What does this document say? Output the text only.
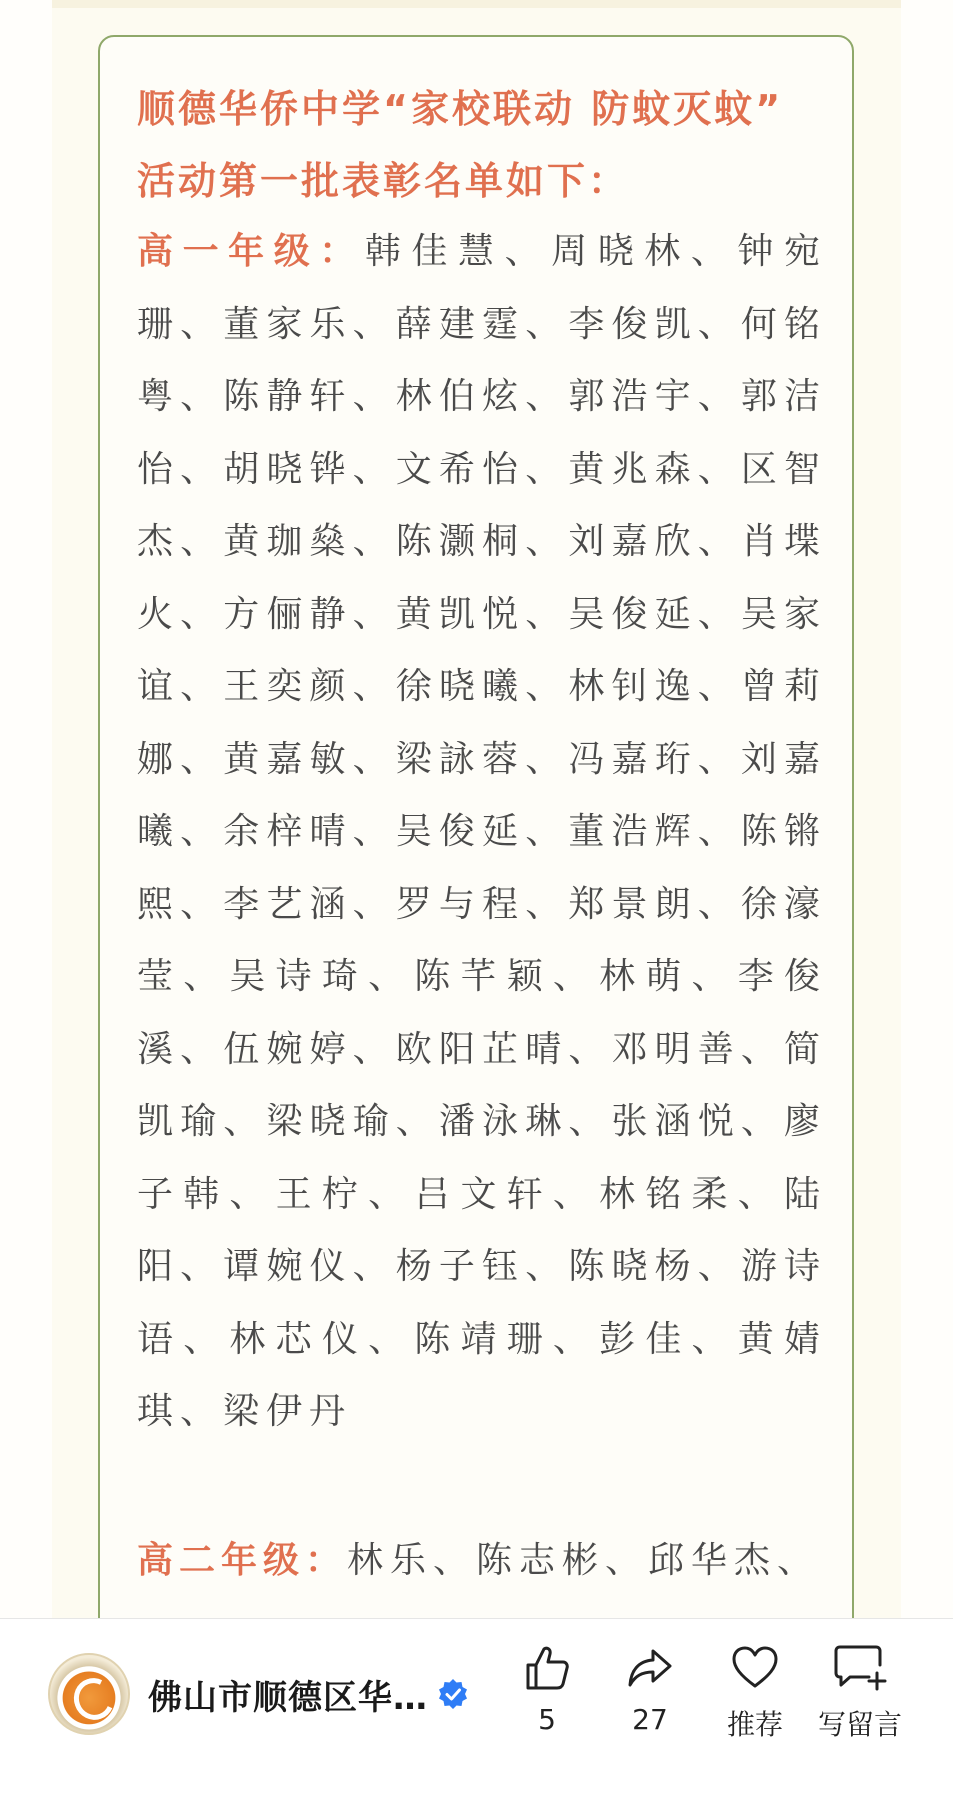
顺德华侨中学“家校联动 防蚊灭蚊”

活动第一批表彰名单如下：

高一年级：韩佳慧、周晓林、钟宛珊、董家乐、薛建霆、李俊凯、何铭粤、陈静轩、林伯炫、郭浩宇、郭洁怡、胡晓铧、文希怡、黄兆森、区智杰、黄珈燊、陈灏桐、刘嘉欣、肖堞火、方俪静、黄凯悦、吴俊延、吴家谊、王奕颜、徐晓曦、林钊逸、曾莉娜、黄嘉敏、梁詠蓉、冯嘉珩、刘嘉曦、余梓晴、吴俊延、董浩辉、陈锵熙、李艺涵、罗与程、郑景朗、徐濠莹、吴诗琦、陈芊颖、林萌、李俊溪、伍婉婷、欧阳芷晴、邓明善、简凯瑜、梁晓瑜、潘泳琳、张涵悦、廖子韩、王柠、吕文轩、林铭柔、陆阳、谭婉仪、杨子钰、陈晓杨、游诗语、林芯仪、陈靖珊、彭佳、黄婧琪、梁伊丹

高二年级：林乐、陈志彬、邱华杰、

佛山市顺德区华…
5	27	推荐	写留言
